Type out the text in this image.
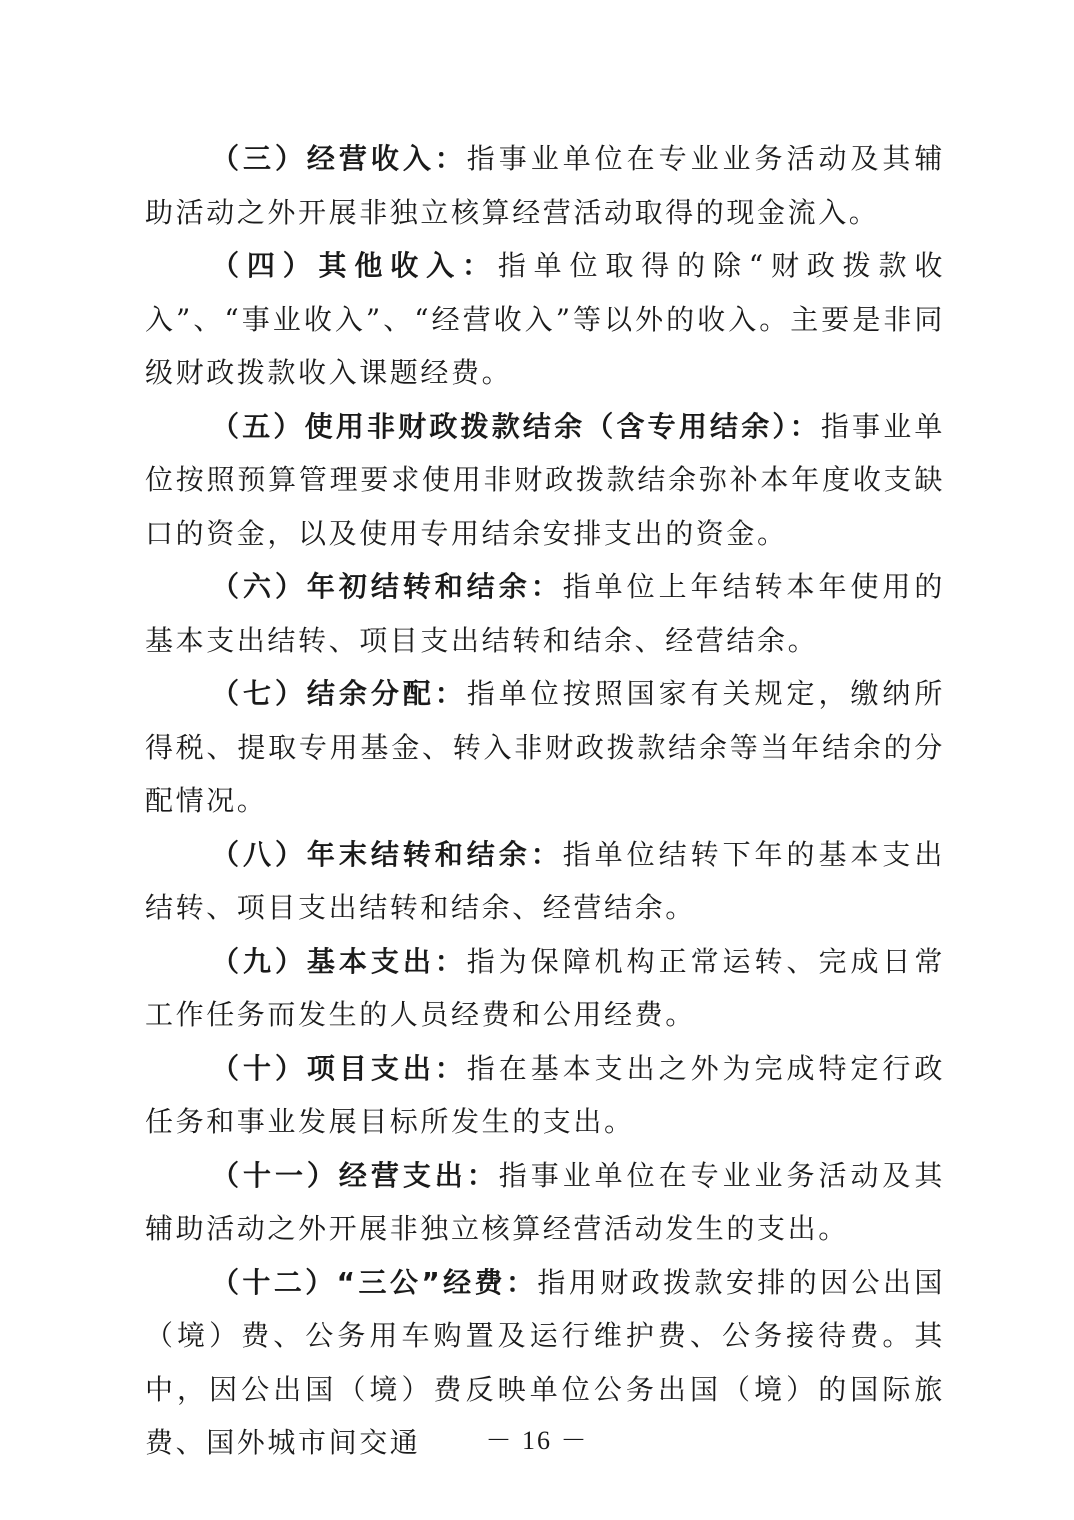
（三）经营收入：指事业单位在专业业务活动及其辅助活动之外开展非独立核算经营活动取得的现金流入。

（四）其他收入：指单位取得的除“财政拨款收入”、“事业收入”、“经营收入”等以外的收入。主要是非同级财政拨款收入课题经费。

（五）使用非财政拨款结余（含专用结余）：指事业单位按照预算管理要求使用非财政拨款结余弥补本年度收支缺口的资金，以及使用专用结余安排支出的资金。

（六）年初结转和结余：指单位上年结转本年使用的基本支出结转、项目支出结转和结余、经营结余。

（七）结余分配：指单位按照国家有关规定，缴纳所得税、提取专用基金、转入非财政拨款结余等当年结余的分配情况。

（八）年末结转和结余：指单位结转下年的基本支出结转、项目支出结转和结余、经营结余。

（九）基本支出：指为保障机构正常运转、完成日常工作任务而发生的人员经费和公用经费。

（十）项目支出：指在基本支出之外为完成特定行政任务和事业发展目标所发生的支出。

（十一）经营支出：指事业单位在专业业务活动及其辅助活动之外开展非独立核算经营活动发生的支出。

（十二）“三公”经费：指用财政拨款安排的因公出国（境）费、公务用车购置及运行维护费、公务接待费。其中，因公出国（境）费反映单位公务出国（境）的国际旅费、国外城市间交通	－ 16 －
